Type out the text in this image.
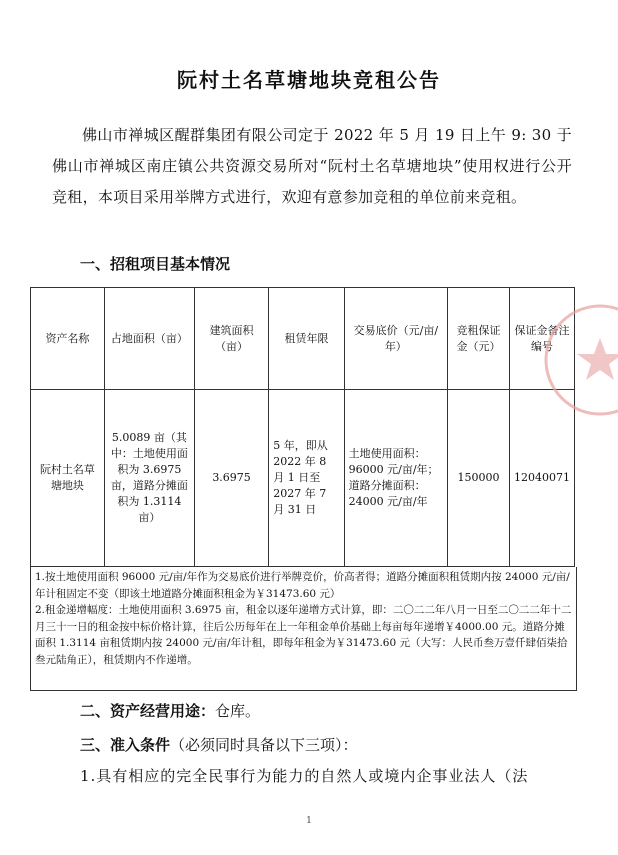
阮村土名草塘地块竞租公告
佛山市禅城区醒群集团有限公司定于 2022 年 5 月 19 日上午 9: 30 于佛山市禅城区南庄镇公共资源交易所对“阮村土名草塘地块”使用权进行公开竞租，本项目采用举牌方式进行，欢迎有意参加竞租的单位前来竞租。
一、招租项目基本情况
资产名称	占地面积（亩）	建筑面积（亩）	租赁年限	交易底价（元/亩/年）	竞租保证金（元）	保证金备注编号
阮村土名草塘地块	5.0089 亩（其中：土地使用面积为 3.6975 亩，道路分摊面积为 1.3114 亩）	3.6975	5 年，即从 2022 年 8 月 1 日至 2027 年 7 月 31 日	土地使用面积：96000 元/亩/年；道路分摊面积：24000 元/亩/年	150000	12040071
1.按土地使用面积 96000 元/亩/年作为交易底价进行举牌竞价，价高者得；道路分摊面积租赁期内按 24000 元/亩/年计租固定不变（即该土地道路分摊面积租金为￥31473.60 元）
2.租金递增幅度：土地使用面积 3.6975 亩，租金以逐年递增方式计算，即：二〇二二年八月一日至二〇二二年十二月三十一日的租金按中标价格计算，往后公历每年在上一年租金单价基础上每亩每年递增￥4000.00 元。道路分摊面积 1.3114 亩租赁期内按 24000 元/亩/年计租，即每年租金为￥31473.60 元（大写：人民币叁万壹仟肆佰柒拾叁元陆角正），租赁期内不作递增。
二、资产经营用途：仓库。
三、准入条件（必须同时具备以下三项）：
1.具有相应的完全民事行为能力的自然人或境内企事业法人（法
1
